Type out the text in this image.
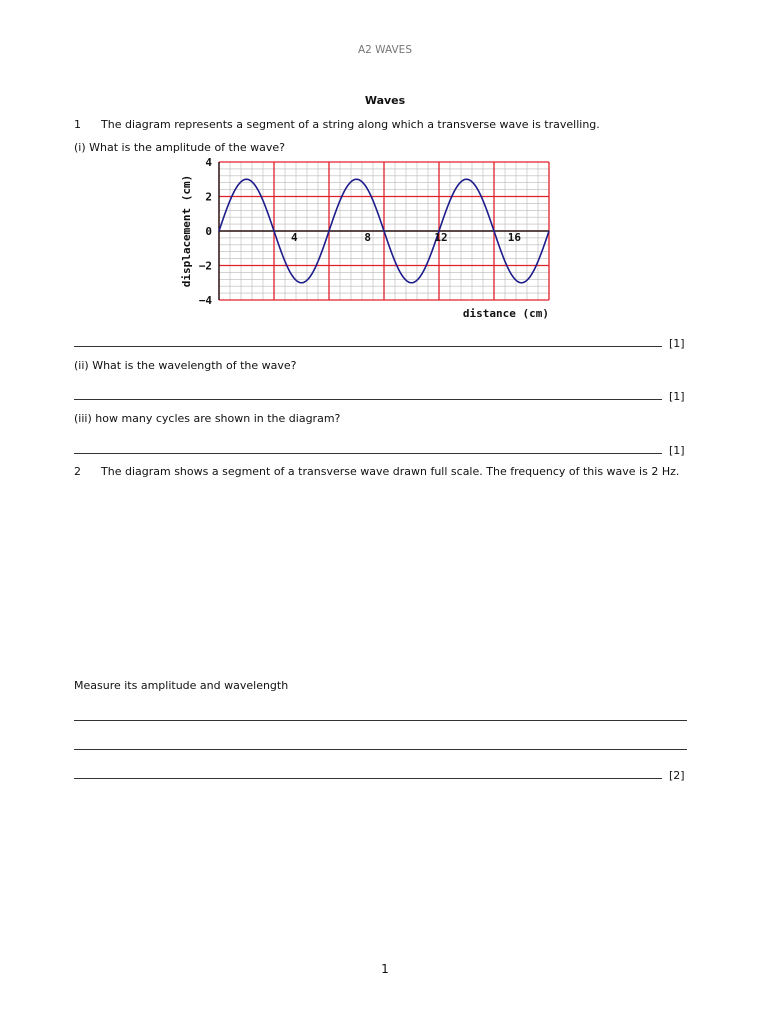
A2 WAVES
Waves
1 The diagram represents a segment of a string along which a transverse wave is travelling.
(i) What is the amplitude of the wave?
4
2
0
−2
−4
4	8	12	16
distance (cm)
displacement (cm)
[1]
(ii) What is the wavelength of the wave?
[1]
(iii) how many cycles are shown in the diagram?
[1]
2 The diagram shows a segment of a transverse wave drawn full scale. The frequency of this wave is 2 Hz.
Measure its amplitude and wavelength
[2]
1
